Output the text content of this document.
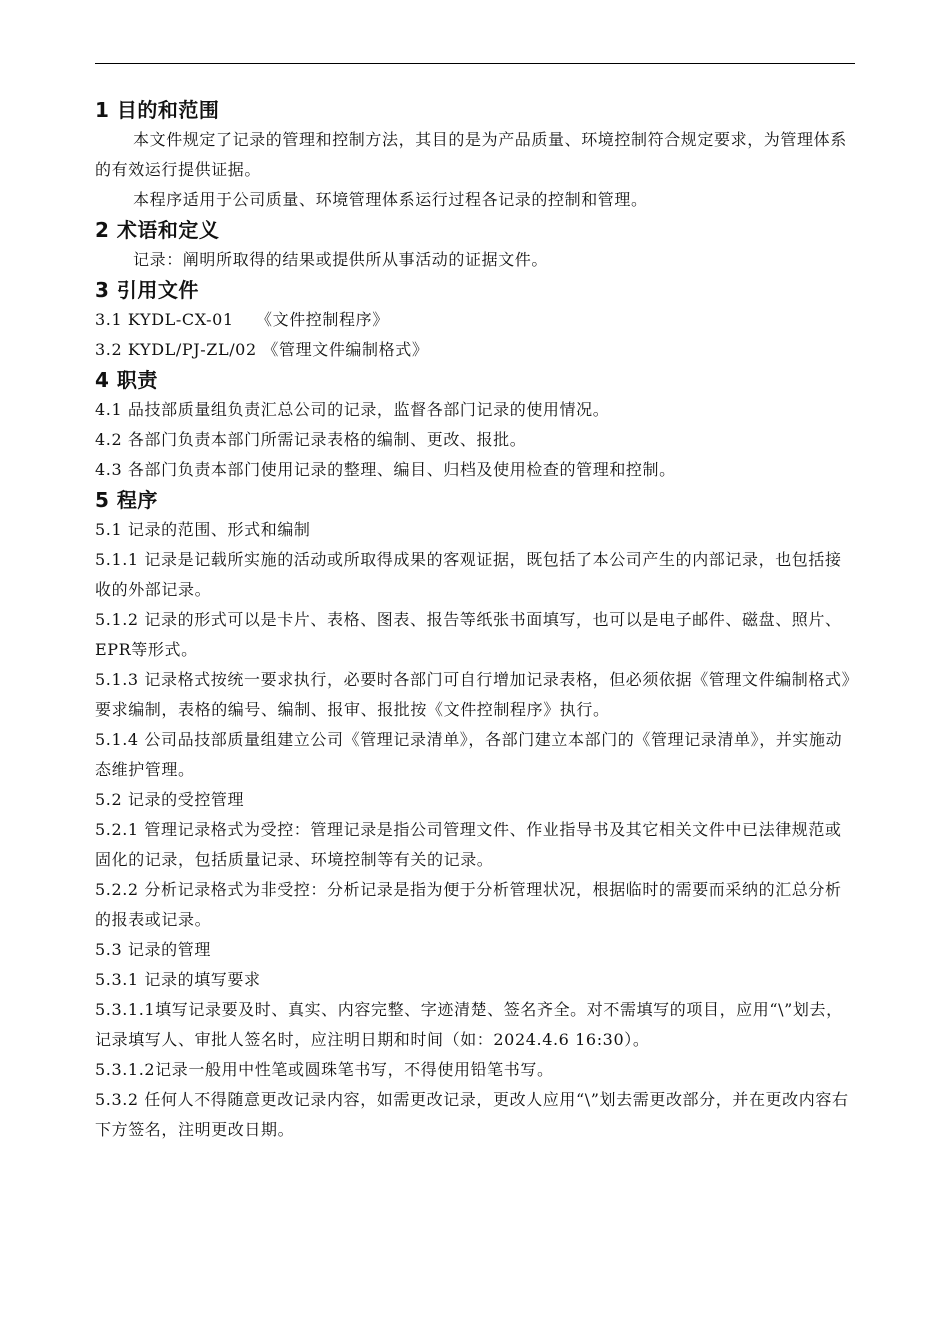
1 目的和范围

本文件规定了记录的管理和控制方法，其目的是为产品质量、环境控制符合规定要求，为管理体系的有效运行提供证据。

本程序适用于公司质量、环境管理体系运行过程各记录的控制和管理。

2 术语和定义

记录：阐明所取得的结果或提供所从事活动的证据文件。

3 引用文件

3.1 KYDL-CX-01　 《文件控制程序》

3.2 KYDL/PJ-ZL/02 《管理文件编制格式》

4 职责

4.1 品技部质量组负责汇总公司的记录，监督各部门记录的使用情况。

4.2 各部门负责本部门所需记录表格的编制、更改、报批。

4.3 各部门负责本部门使用记录的整理、编目、归档及使用检查的管理和控制。

5 程序

5.1 记录的范围、形式和编制

5.1.1 记录是记载所实施的活动或所取得成果的客观证据，既包括了本公司产生的内部记录，也包括接收的外部记录。

5.1.2 记录的形式可以是卡片、表格、图表、报告等纸张书面填写，也可以是电子邮件、磁盘、照片、EPR等形式。

5.1.3 记录格式按统一要求执行，必要时各部门可自行增加记录表格，但必须依据《管理文件编制格式》要求编制，表格的编号、编制、报审、报批按《文件控制程序》执行。

5.1.4 公司品技部质量组建立公司《管理记录清单》，各部门建立本部门的《管理记录清单》，并实施动态维护管理。

5.2 记录的受控管理

5.2.1 管理记录格式为受控：管理记录是指公司管理文件、作业指导书及其它相关文件中已法律规范或固化的记录，包括质量记录、环境控制等有关的记录。

5.2.2 分析记录格式为非受控：分析记录是指为便于分析管理状况，根据临时的需要而采纳的汇总分析的报表或记录。

5.3 记录的管理

5.3.1 记录的填写要求

5.3.1.1填写记录要及时、真实、内容完整、字迹清楚、签名齐全。对不需填写的项目，应用“\”划去，记录填写人、审批人签名时，应注明日期和时间（如：2024.4.6 16:30）。

5.3.1.2记录一般用中性笔或圆珠笔书写，不得使用铅笔书写。

5.3.2 任何人不得随意更改记录内容，如需更改记录，更改人应用“\”划去需更改部分，并在更改内容右下方签名，注明更改日期。
